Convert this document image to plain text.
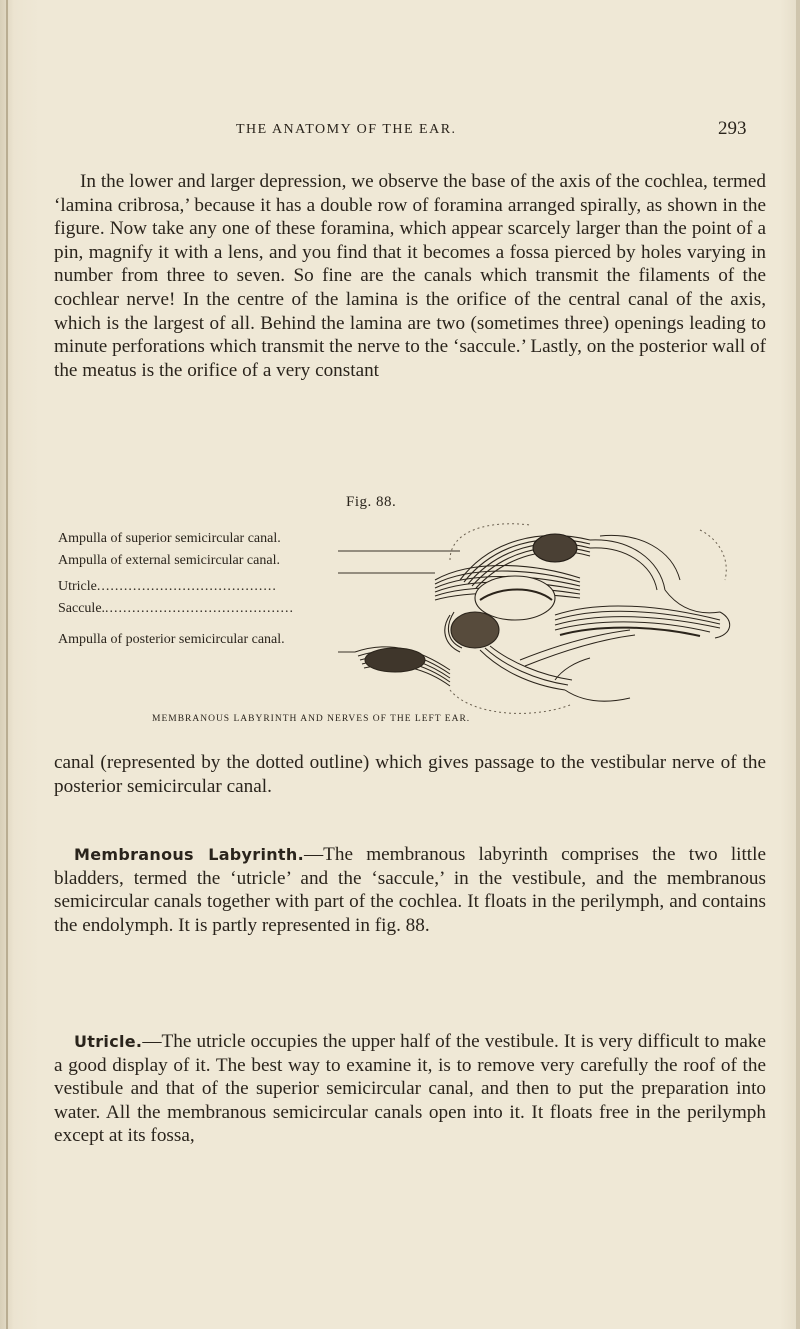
THE ANATOMY OF THE EAR.	293

In the lower and larger depression, we observe the base of the axis of the cochlea, termed ‘lamina cribrosa,’ because it has a double row of foramina arranged spirally, as shown in the figure. Now take any one of these foramina, which appear scarcely larger than the point of a pin, magnify it with a lens, and you find that it becomes a fossa pierced by holes varying in number from three to seven. So fine are the canals which transmit the filaments of the cochlear nerve! In the centre of the lamina is the orifice of the central canal of the axis, which is the largest of all. Behind the lamina are two (sometimes three) openings leading to minute perforations which transmit the nerve to the ‘saccule.’ Lastly, on the posterior wall of the meatus is the orifice of a very constant

Fig. 88.
Ampulla of superior semicircular canal.
Ampulla of external semicircular canal.
Utricle........................................
Saccule...........................................
Ampulla of posterior semicircular canal.
MEMBRANOUS LABYRINTH AND NERVES OF THE LEFT EAR.

canal (represented by the dotted outline) which gives passage to the vestibular nerve of the posterior semicircular canal.

Membranous Labyrinth.—The membranous labyrinth comprises the two little bladders, termed the ‘utricle’ and the ‘saccule,’ in the vestibule, and the membranous semicircular canals together with part of the cochlea. It floats in the perilymph, and contains the endolymph. It is partly represented in fig. 88.

Utricle.—The utricle occupies the upper half of the vestibule. It is very difficult to make a good display of it. The best way to examine it, is to remove very carefully the roof of the vestibule and that of the superior semicircular canal, and then to put the preparation into water. All the membranous semicircular canals open into it. It floats free in the perilymph except at its fossa,
